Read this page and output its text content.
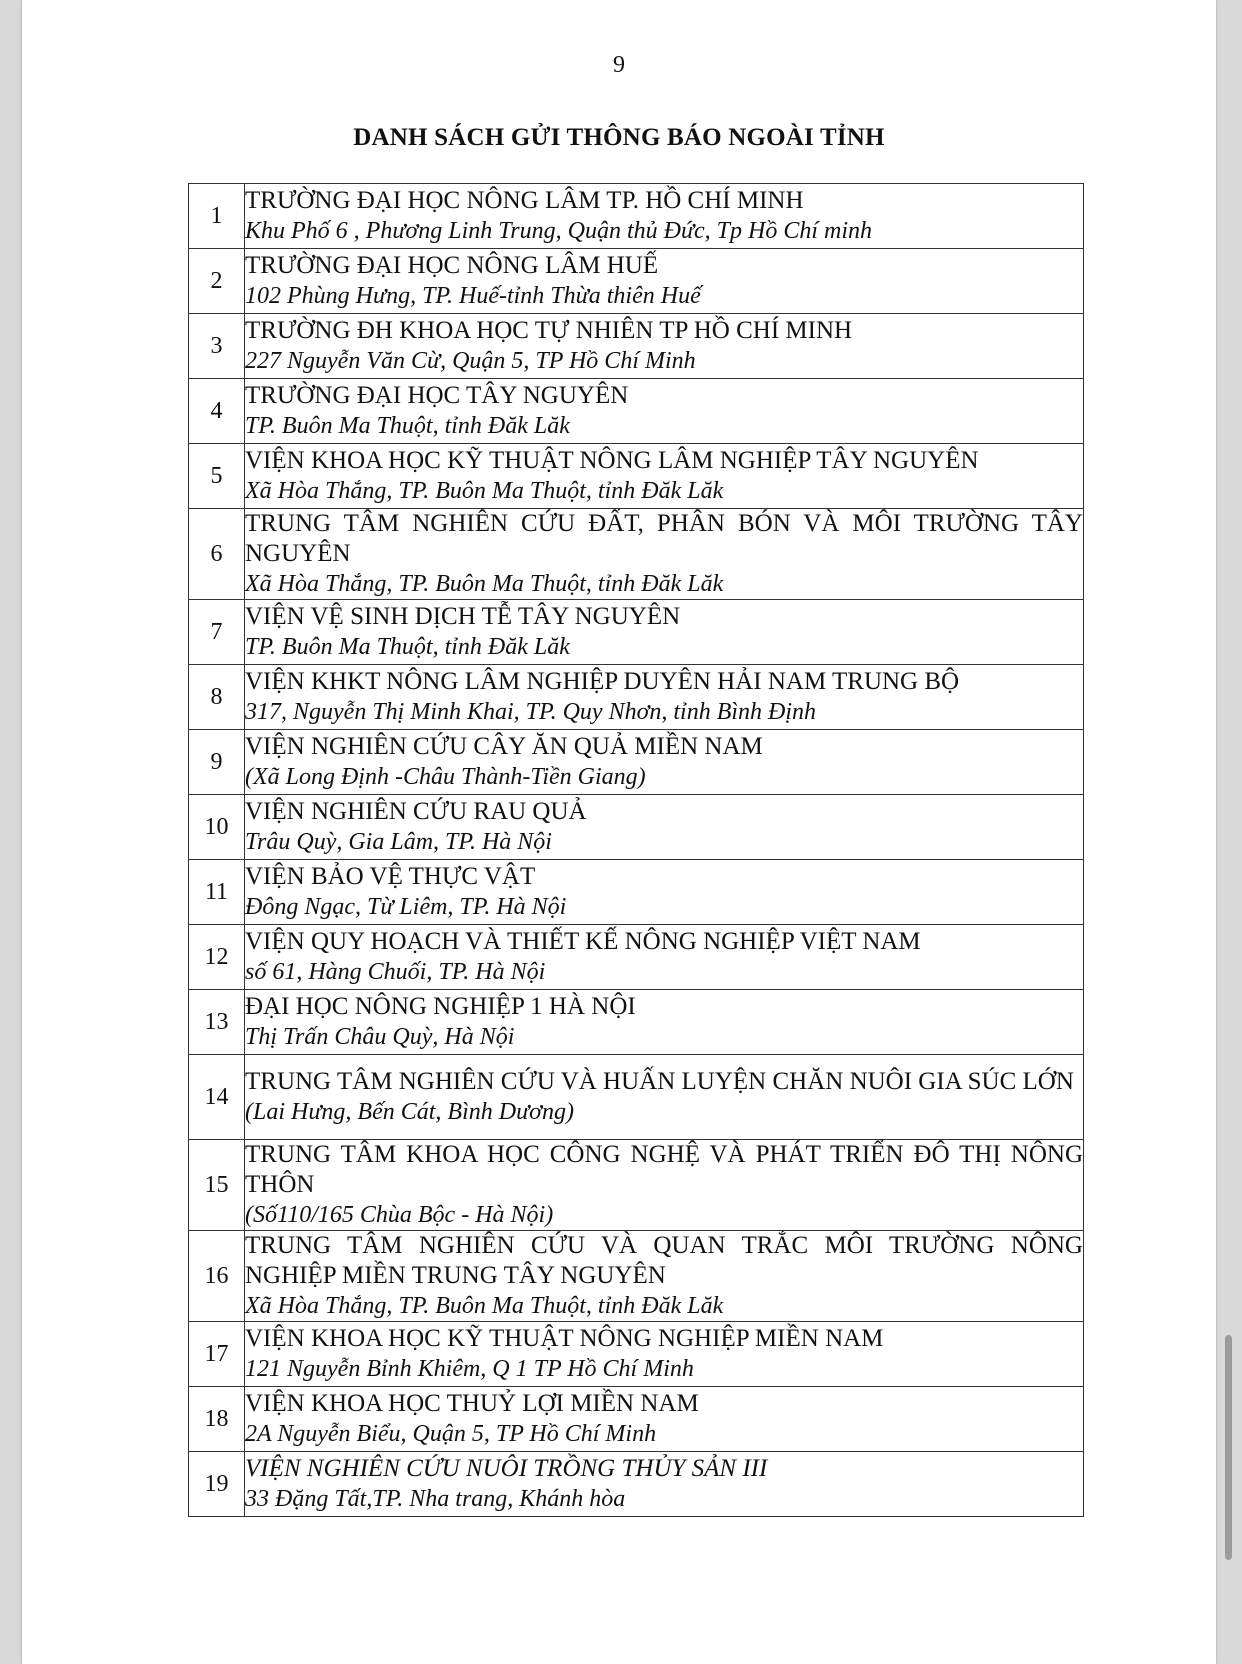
9
DANH SÁCH GỬI THÔNG BÁO NGOÀI TỈNH
1	TRƯỜNG ĐẠI HỌC NÔNG LÂM TP. HỒ CHÍ MINH
Khu Phố 6 , Phương Linh Trung, Quận thủ Đức, Tp Hồ Chí minh

2	TRƯỜNG ĐẠI HỌC NÔNG LÂM HUẾ
102 Phùng Hưng, TP. Huế-tỉnh Thừa thiên Huế

3	TRƯỜNG ĐH KHOA HỌC TỰ NHIÊN TP HỒ CHÍ MINH
227 Nguyễn Văn Cừ, Quận 5, TP Hồ Chí Minh

4	TRƯỜNG ĐẠI HỌC TÂY NGUYÊN
TP. Buôn Ma Thuột, tỉnh Đăk Lăk

5	VIỆN KHOA HỌC KỸ THUẬT NÔNG LÂM NGHIỆP TÂY NGUYÊN
Xã Hòa Thắng, TP. Buôn Ma Thuột, tỉnh Đăk Lăk

6	TRUNG TÂM NGHIÊN CỨU ĐẤT, PHÂN BÓN VÀ MÔI TRƯỜNG TÂY NGUYÊN
Xã Hòa Thắng, TP. Buôn Ma Thuột, tỉnh Đăk Lăk

7	VIỆN VỆ SINH DỊCH TỄ TÂY NGUYÊN
TP. Buôn Ma Thuột, tỉnh Đăk Lăk

8	VIỆN KHKT NÔNG LÂM NGHIỆP DUYÊN HẢI NAM TRUNG BỘ
317, Nguyễn Thị Minh Khai, TP. Quy Nhơn, tỉnh Bình Định

9	VIỆN NGHIÊN CỨU CÂY ĂN QUẢ MIỀN NAM
(Xã Long Định -Châu Thành-Tiền Giang)

10	VIỆN NGHIÊN CỨU RAU QUẢ
Trâu Quỳ, Gia Lâm, TP. Hà Nội

11	VIỆN BẢO VỆ THỰC VẬT
Đông Ngạc, Từ Liêm, TP. Hà Nội

12	VIỆN QUY HOẠCH VÀ THIẾT KẾ NÔNG NGHIỆP VIỆT NAM
số 61, Hàng Chuối, TP. Hà Nội

13	ĐẠI HỌC NÔNG NGHIỆP 1 HÀ NỘI
Thị Trấn Châu Quỳ, Hà Nội

14	TRUNG TÂM NGHIÊN CỨU VÀ HUẤN LUYỆN CHĂN NUÔI GIA SÚC LỚN
(Lai Hưng, Bến Cát, Bình Dương)

15	TRUNG TÂM KHOA HỌC CÔNG NGHỆ VÀ PHÁT TRIỂN ĐÔ THỊ NÔNG THÔN
(Số110/165 Chùa Bộc - Hà Nội)

16	TRUNG TÂM NGHIÊN CỨU VÀ QUAN TRẮC MÔI TRƯỜNG NÔNG NGHIỆP MIỀN TRUNG TÂY NGUYÊN
Xã Hòa Thắng, TP. Buôn Ma Thuột, tỉnh Đăk Lăk

17	VIỆN KHOA HỌC KỸ THUẬT NÔNG NGHIỆP MIỀN NAM
121 Nguyễn Bỉnh Khiêm, Q 1 TP Hồ Chí Minh

18	VIỆN KHOA HỌC THUỶ LỢI MIỀN NAM
2A Nguyễn Biểu, Quận 5, TP Hồ Chí Minh

19	VIỆN NGHIÊN CỨU NUÔI TRỒNG THỦY SẢN III
33 Đặng Tất,TP. Nha trang, Khánh hòa
